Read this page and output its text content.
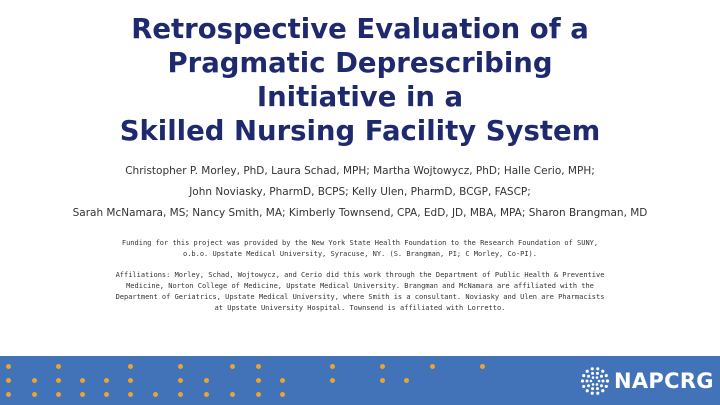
Retrospective Evaluation of a
Pragmatic Deprescribing
Initiative in a
Skilled Nursing Facility System
Christopher P. Morley, PhD, Laura Schad, MPH; Martha Wojtowycz, PhD; Halle Cerio, MPH;
John Noviasky, PharmD, BCPS; Kelly Ulen, PharmD, BCGP, FASCP;
Sarah McNamara, MS; Nancy Smith, MA; Kimberly Townsend, CPA, EdD, JD, MBA, MPA; Sharon Brangman, MD
Funding for this project was provided by the New York State Health Foundation to the Research Foundation of SUNY,
o.b.o. Upstate Medical University, Syracuse, NY. (S. Brangman, PI; C Morley, Co-PI).
Affiliations: Morley, Schad, Wojtowycz, and Cerio did this work through the Department of Public Health & Preventive
Medicine, Norton College of Medicine, Upstate Medical University. Brangman and McNamara are affiliated with the
Department of Geriatrics, Upstate Medical University, where Smith is a consultant. Noviasky and Ulen are Pharmacists
at Upstate University Hospital. Townsend is affiliated with Lorretto.
NAPCRG
